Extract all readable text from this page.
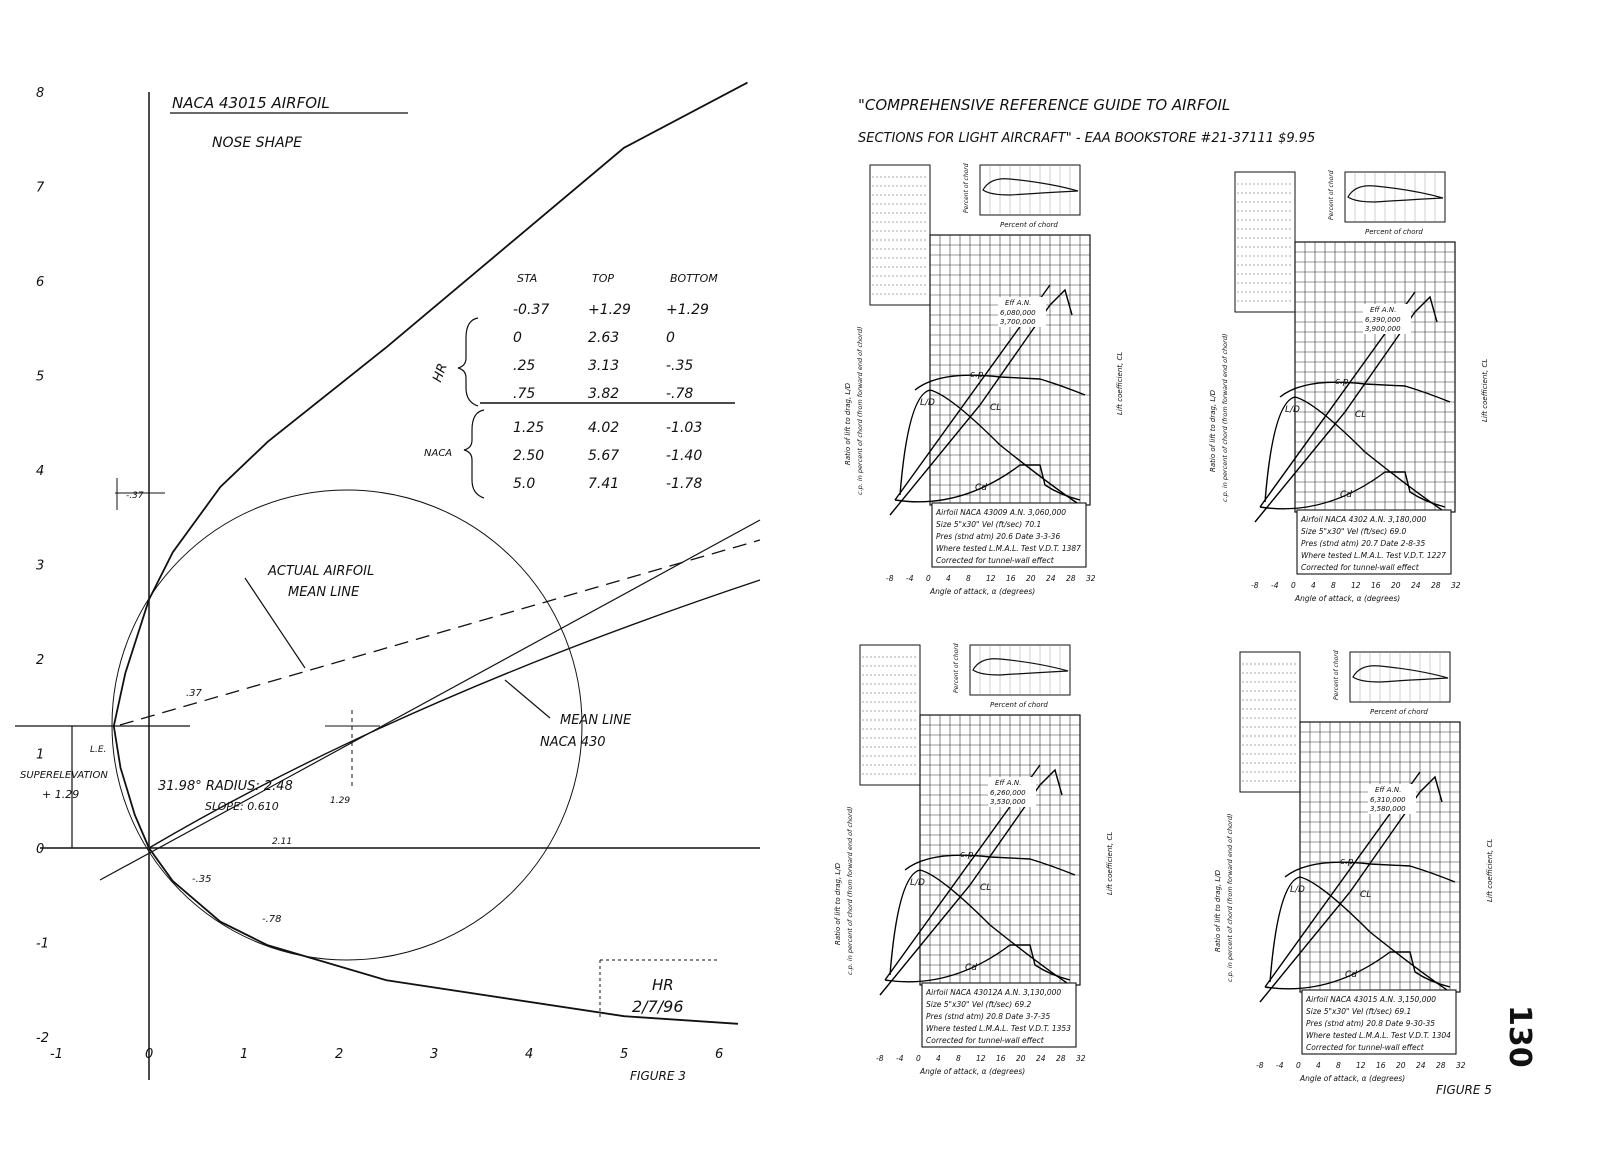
-1	0	1	2	3	4	5	6
-2
-1
0
1
2
3
4
5
6
7
8
NACA 43015 AIRFOIL
NOSE SHAPE
STA	TOP	BOTTOM
-0.37	+1.29	+1.29
0	2.63	0
.25	3.13	-.35
.75	3.82	-.78
1.25	4.02	-1.03
2.50	5.67	-1.40
5.0	7.41	-1.78
HR
NACA
ACTUAL AIRFOIL
MEAN LINE
MEAN LINE
NACA 430
L.E.
SUPERELEVATION
+ 1.29
-.37
.37
1.29
2.11
-.35
-.78
HR
2/7/96
FIGURE 3
31.98° RADIUS: 2.48
SLOPE: 0.610
"COMPREHENSIVE REFERENCE GUIDE TO AIRFOIL
SECTIONS FOR LIGHT AIRCRAFT" - EAA BOOKSTORE #21-37111 $9.95
FIGURE 5
130
Percent of chord
c.p.
L/D	CL
Cd
Eff A.N.
6,080,000
3,700,000
Airfoil NACA 43009 A.N. 3,060,000
Size 5"x30" Vel (ft/sec) 70.1
Pres (stnd atm) 20.6 Date 3-3-36
Where tested L.M.A.L. Test V.D.T. 1387
Corrected for tunnel-wall effect
-8 -4 0 4 8 12 16 20 24 28 32
Angle of attack, α (degrees)
Ratio of lift to drag, L/D c.p. in percent of chord (from forward end of chord)	Lift coefficient, CL
Percent of chord
Percent of chord
c.p.
L/D	CL
Cd
Eff A.N.
6,390,000
3,900,000
Airfoil NACA 4302 A.N. 3,180,000
Size 5"x30" Vel (ft/sec) 69.0
Pres (stnd atm) 20.7 Date 2-8-35
Where tested L.M.A.L. Test V.D.T. 1227
Corrected for tunnel-wall effect
-8 -4 0 4 8 12 16 20 24 28 32
Angle of attack, α (degrees)
Ratio of lift to drag, L/D c.p. in percent of chord (from forward end of chord)	Lift coefficient, CL
Percent of chord
Percent of chord
c.p.
L/D	CL
Cd
Eff A.N.
6,260,000
3,530,000
Airfoil NACA 43012A A.N. 3,130,000
Size 5"x30" Vel (ft/sec) 69.2
Pres (stnd atm) 20.8 Date 3-7-35
Where tested L.M.A.L. Test V.D.T. 1353
Corrected for tunnel-wall effect
-8 -4 0 4 8 12 16 20 24 28 32
Angle of attack, α (degrees)
Ratio of lift to drag, L/D c.p. in percent of chord (from forward end of chord)	Lift coefficient, CL
Percent of chord
Percent of chord
c.p.
L/D	CL
Cd
Eff A.N.
6,310,000
3,580,000
Airfoil NACA 43015 A.N. 3,150,000
Size 5"x30" Vel (ft/sec) 69.1
Pres (stnd atm) 20.8 Date 9-30-35
Where tested L.M.A.L. Test V.D.T. 1304
Corrected for tunnel-wall effect
-8 -4 0 4 8 12 16 20 24 28 32
Angle of attack, α (degrees)
Ratio of lift to drag, L/D c.p. in percent of chord (from forward end of chord)	Lift coefficient, CL
Percent of chord
